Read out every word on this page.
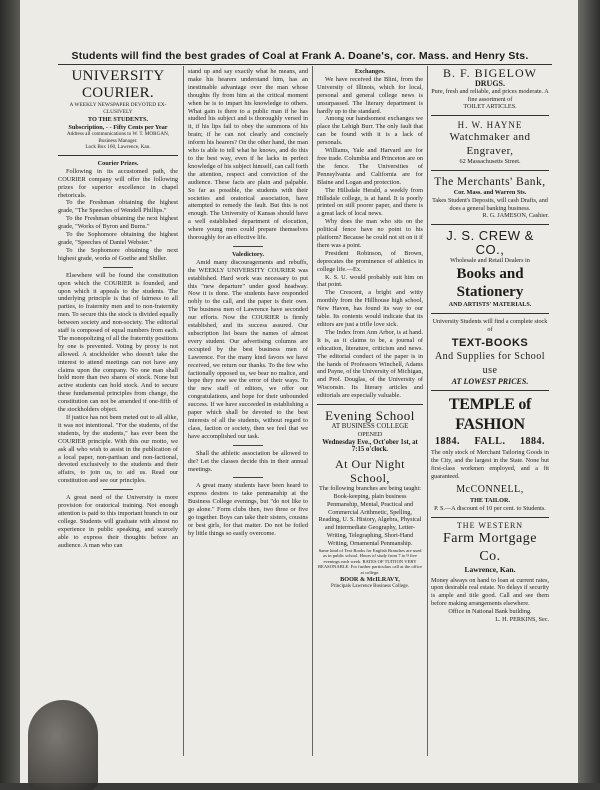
Students will find the best grades of Coal at Frank A. Doane's, cor. Mass. and Henry Sts.
UNIVERSITY COURIER.

A WEEKLY NEWSPAPER DEVOTED EX-CLUSIVELY

TO THE STUDENTS.

Subscription, - - Fifty Cents per Year

Address all communications to W. T. MORGAN, Business Manager.

Lock Box 160, Lawrence, Kan.

Courier Prizes.

Following in its accustomed path, the COURIER company will offer the following prizes for superior excellence in chapel rhetoricals.

To the Freshman obtaining the highest grade, "The Speeches of Wendell Phillips."

To the Freshman obtaining the next highest grade, "Works of Byron and Burns."

To the Sophomore obtaining the highest grade, "Speeches of Daniel Webster."

To the Sophomore obtaining the next highest grade, works of Goethe and Shiller.

Elsewhere will be found the constitution upon which the COURIER is founded, and upon which it appeals to the students. The underlying principle is that of fairness to all parties, to fraternity men and to non-fraternity men. To secure this the stock is divided equally between society and non-society. The editorial staff is composed of equal numbers from each. The monopolizing of all the fraternity positions by one is prevented. Voting by proxy is not allowed. A stockholder who doesn't take the interest to attend meetings can not have any claims upon the company. No one man shall hold more than two shares of stock. None but active students can hold stock. And to secure these fundamental principles from change, the constitution can not be amended if one-fifth of the stockholders object.

If justice has not been meted out to all alike, it was not intentional. "For the students, of the students, by the students," has ever been the COURIER principle. With this our motto, we ask all who wish to assist in the publication of a local paper, non-partisan and non-factional, devoted exclusively to the students and their affairs, to join us, to aid us. Read our constitution and see our principles.

A great need of the University is more provision for oratorical training. Not enough attention is paid to this important branch in our college. Students will graduate with almost no experience in public speaking, and scarcely able to express their thoughts before an audience. A man who can

stand up and say exactly what he means, and make his hearers understand him, has an inestimable advantage over the man whose thoughts fly from him at the critical moment when he is to impart his knowledge to others. What gain is there to a public man if he has studied his subject and is thoroughly versed in it, if his lips fail to obey the summons of his brain; if he can not clearly and concisely inform his hearers? On the other hand, the man who is able to tell what he knows, and do this to the best way, even if he lacks in perfect knowledge of his subject himself, can call forth the attention, respect and conviction of the audience. These facts are plain and palpable. So far as possible, the students with their societies and oratorical association, have attempted to remedy the fault. But this is not enough. The University of Kansas should have a well established department of elocution, where young men could prepare themselves thoroughly for an effective life.

Valedictory.

Amid many discouragements and rebuffs, the WEEKLY UNIVERSITY COURIER was established. Hard work was necessary to put this "new departure" under good headway. Now it is done. The students have responded nobly to the call, and the paper is their own. The business men of Lawrence have seconded our efforts. Now the COURIER is firmly established, and its success assured. Our subscription list bears the names of almost every student. Our advertising columns are occupied by the best business men of Lawrence. For the many kind favors we have received, we return our thanks. To the few who factionally opposed us, we bear no malice, and hope they now see the error of their ways. To the new staff of editors, we offer our congratulations, and hope for their unbounded success. If we have succeeded in establishing a paper which shall be devoted to the best interests of all the students, without regard to class, faction or society, then we feel that we have accomplished our task.

Shall the athletic association be allowed to die? Let the classes decide this in their annual meetings.

A great many students have been heard to express desires to take penmanship at the Business College evenings, but "do not like to go alone." Form clubs then, two three or five go together. Boys can take their sisters, cousins or best girls, for that matter. Do not be foiled by little things so easily overcome.

Exchanges.

We have received the Blini, from the University of Illinois, which for local, personal and general college news is unsurpassed. The literary department is hardly up to the standard.

Among our handsomest exchanges we place the Lehigh Burr. The only fault that can be found with it is a lack of personals.

Williams, Yale and Harvard are for free trade. Columbia and Princeton are on the fence. The Universities of Pennsylvania and California are for Blaine and Logan and protection.

The Hillsdale Herald, a weekly from Hillsdale college, is at hand. It is poorly printed on still poorer paper, and there is a great lack of local news.

Why does the man who sits on the political fence have no point to his platform? Because he could not sit on it if there was a point.

President Robinson, of Brown, deprecates the prominence of athletics in college life.—Ex.

K. S. U. would probably suit him on that point.

The Crescent, a bright and witty monthly from the Hillhouse high school, New Haven, has found its way to our table. Its contents would indicate that its editors are just a trifle love sick.

The Index from Ann Arbor, is at hand. It is, as it claims to be, a journal of education, literature, criticism and news. The editorial conduct of the paper is in the hands of Professors Winchell, Adams and Payne, of the University of Michigan, and Prof. Douglas, of the University of Wisconsin. Its literary articles and editorials are especially valuable.

Evening School
AT BUSINESS COLLEGE
OPENED
Wednesday Eve., Oct'ober 1st, at 7:15 o'clock.
At Our Night School,
The following branches are being taught:
Book-keeping, plain business Penmanship, Mental, Practical and Commercial Arithmetic, Spelling, Reading, U. S. History, Algebra, Physical and Intermediate Geography, Letter-Writing, Telegraphing, Short-Hand Writing, Ornamental Penmanship.
Same kind of Text Books for English Branches are used as in public school. Hours of study from 7 to 9 five evenings each week. RATES OF TUITION VERY REASONABLE. For further particulars call at the office at college.
BOOR & McILRAVY,
Principals Lawrence Business College.
B. F. BIGELOW
DRUGS.
Pure, fresh and reliable, and prices moderate. A fine assortment of
TOILET ARTICLES.
H. W. HAYNE
Watchmaker and Engraver,
62 Massachusetts Street.
The Merchants' Bank,
Cor. Mass. and Warren Sts.
Takes Student's Deposits, will cash Drafts, and does a general banking business.
R. G. JAMESON, Cashier.
J. S. CREW & CO.,
Wholesale and Retail Dealers in
Books and Stationery
AND ARTISTS' MATERIALS.
University Students will find a complete stock of
TEXT-BOOKS
And Supplies for School use
AT LOWEST PRICES.
TEMPLE of FASHION
1884. FALL. 1884.
The only stock of Merchant Tailoring Goods in the City, and the largest in the State. None but first-class workmen employed, and a fit guaranteed.
McCONNELL,
THE TAILOR.
P. S.—A discount of 10 per cent. to Students.
THE WESTERN
Farm Mortgage Co.
Lawrence, Kan.
Money always on hand to loan at current rates, upon desirable real estate. No delays if security is ample and title good. Call and see them before making arrangements elsewhere.
Office in National Bank building.
L. H. PERKINS, Sec.
